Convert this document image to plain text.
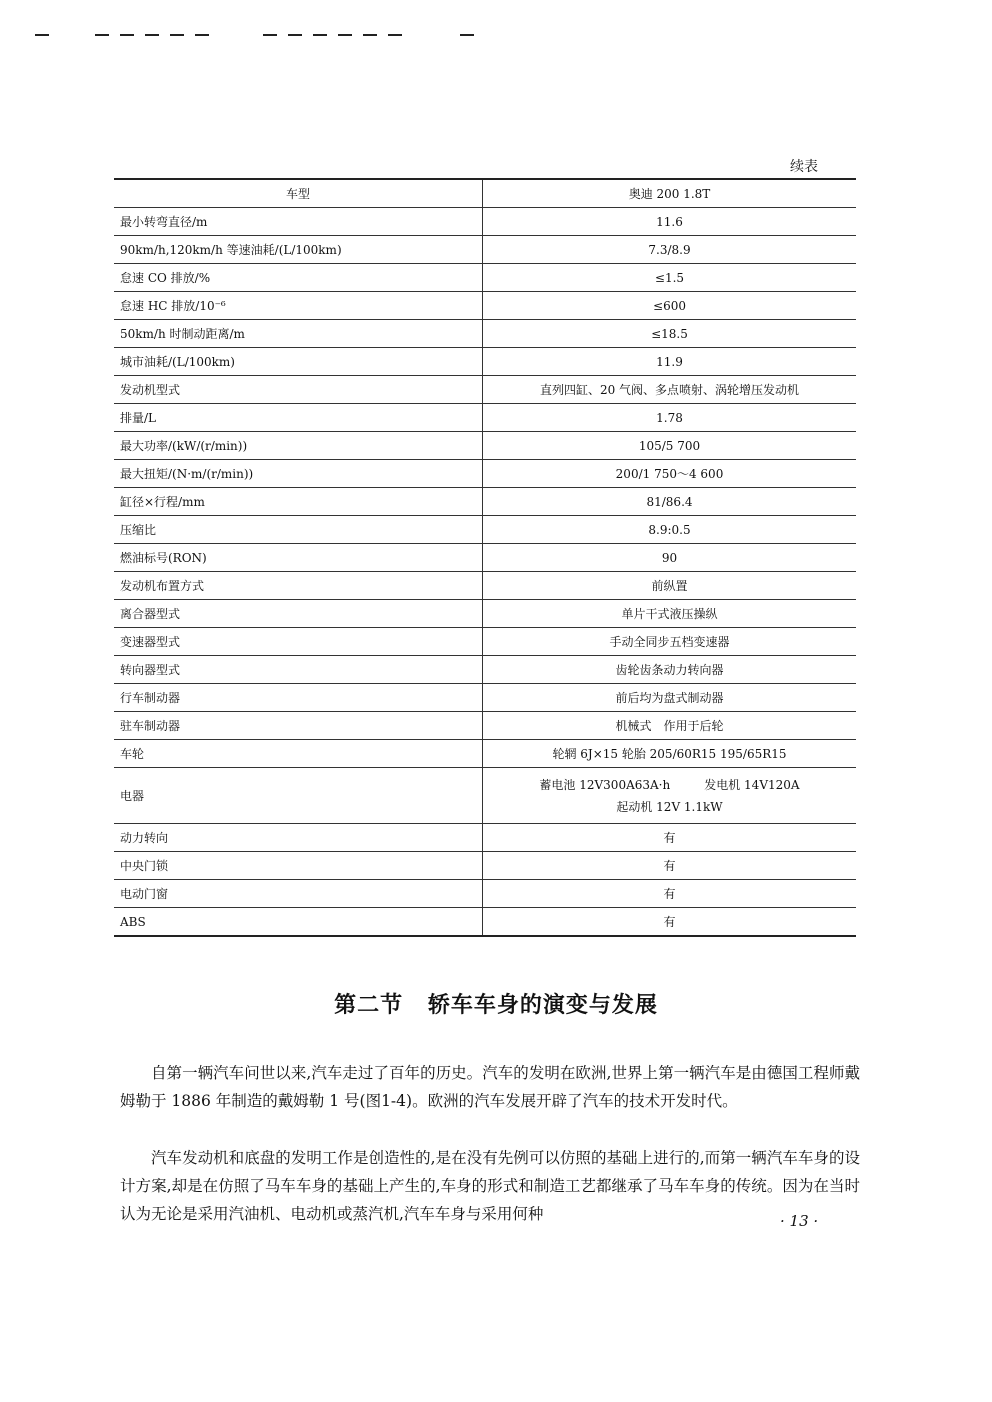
续表
车型	奥迪 200 1.8T
最小转弯直径/m	11.6
90km/h,120km/h 等速油耗/(L/100km)	7.3/8.9
怠速 CO 排放/%	≤1.5
怠速 HC 排放/10⁻⁶	≤600
50km/h 时制动距离/m	≤18.5
城市油耗/(L/100km)	11.9
发动机型式	直列四缸、20 气阀、多点喷射、涡轮增压发动机
排量/L	1.78
最大功率/(kW/(r/min))	105/5 700
最大扭矩/(N·m/(r/min))	200/1 750～4 600
缸径×行程/mm	81/86.4
压缩比	8.9:0.5
燃油标号(RON)	90
发动机布置方式	前纵置
离合器型式	单片干式液压操纵
变速器型式	手动全同步五档变速器
转向器型式	齿轮齿条动力转向器
行车制动器	前后均为盘式制动器
驻车制动器	机械式　作用于后轮
车轮	轮辋 6J×15 轮胎 205/60R15 195/65R15
电器	蓄电池 12V300A63A·h 发电机 14V120A
起动机 12V 1.1kW
动力转向	有
中央门锁	有
电动门窗	有
ABS	有
第二节 轿车车身的演变与发展

自第一辆汽车问世以来,汽车走过了百年的历史。汽车的发明在欧洲,世界上第一辆汽车是由德国工程师戴姆勒于 1886 年制造的戴姆勒 1 号(图1-4)。欧洲的汽车发展开辟了汽车的技术开发时代。

汽车发动机和底盘的发明工作是创造性的,是在没有先例可以仿照的基础上进行的,而第一辆汽车车身的设计方案,却是在仿照了马车车身的基础上产生的,车身的形式和制造工艺都继承了马车车身的传统。因为在当时认为无论是采用汽油机、电动机或蒸汽机,汽车车身与采用何种	· 13 ·
